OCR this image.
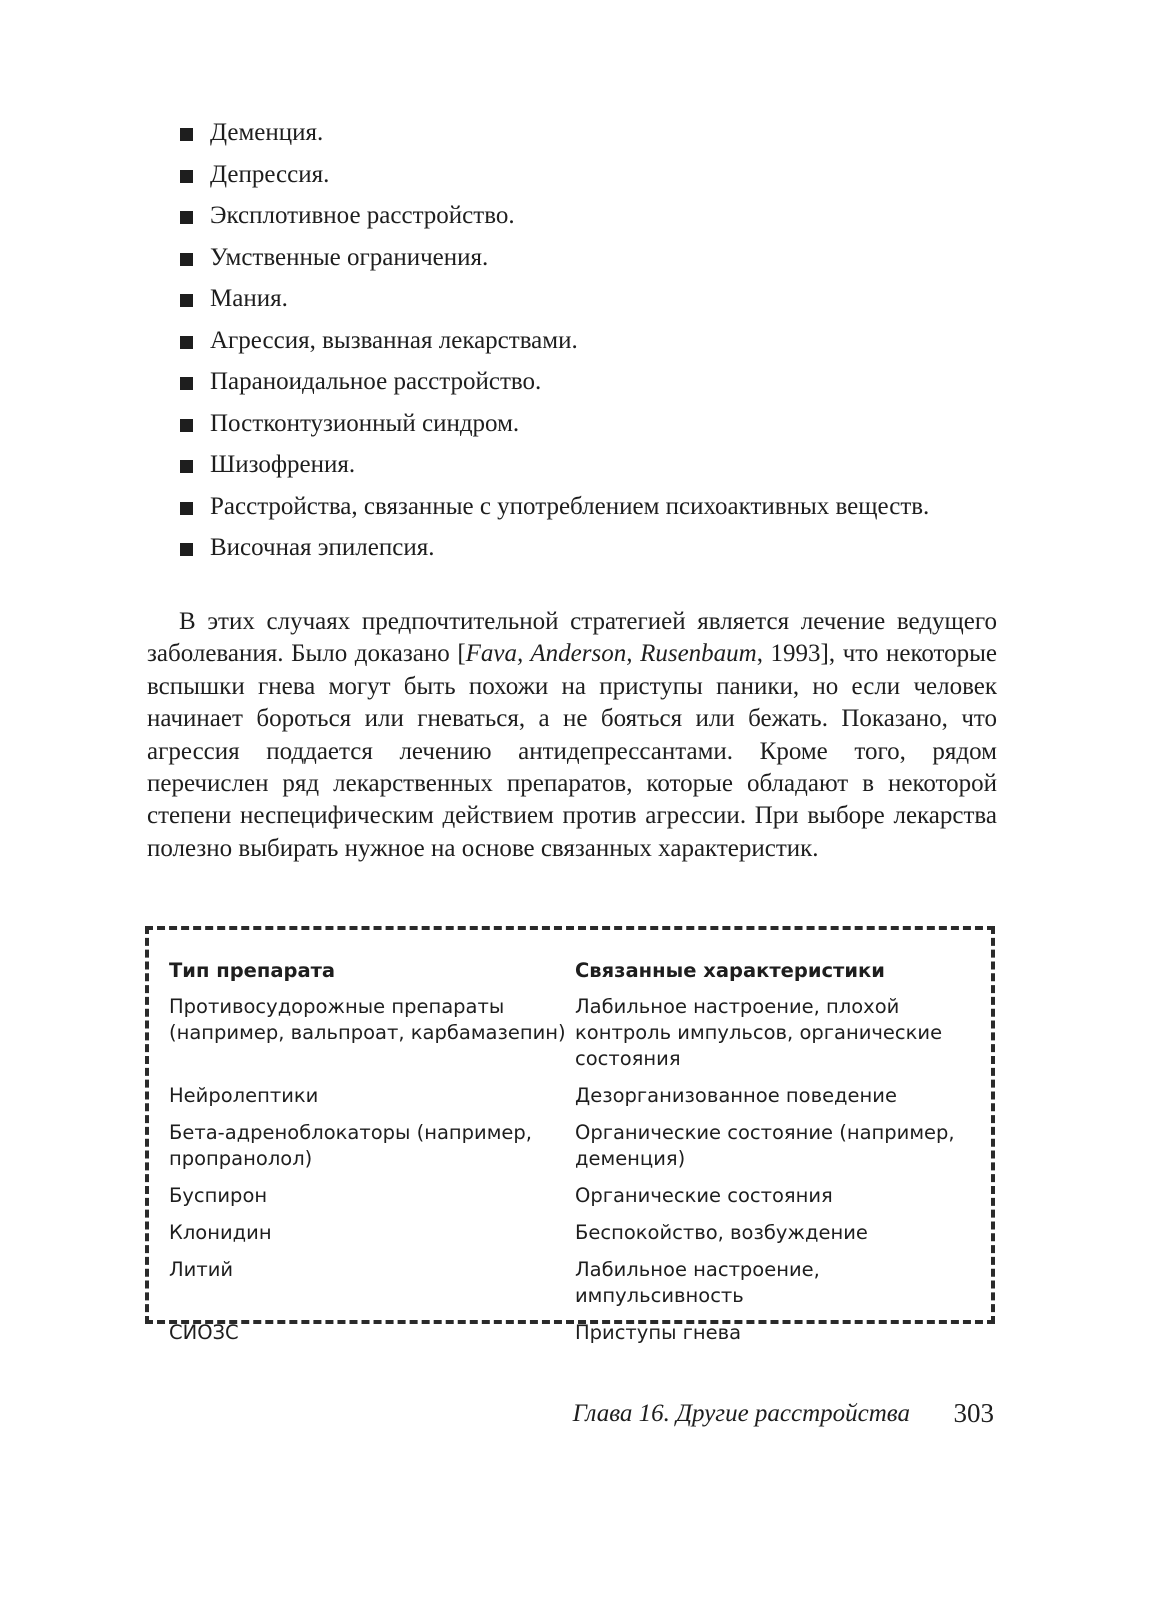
Деменция.
Депрессия.
Эксплотивное расстройство.
Умственные ограничения.
Мания.
Агрессия, вызванная лекарствами.
Параноидальное расстройство.
Постконтузионный синдром.
Шизофрения.
Расстройства, связанные с употреблением психоактивных веществ.
Височная эпилепсия.

В этих случаях предпочтительной стратегией является лечение ведущего заболевания. Было доказано [Fava, Anderson, Rusenbaum, 1993], что некоторые вспышки гнева могут быть похожи на приступы паники, но если человек начинает бороться или гневаться, а не бояться или бежать. Показано, что агрессия поддается лечению антидепрессантами. Кроме того, рядом перечислен ряд лекарственных препаратов, которые обладают в некоторой степени неспецифическим действием против агрессии. При выборе лекарства полезно выбирать нужное на основе связанных характеристик.

Тип препарата	Связанные характеристики
Противосудорожные препараты (например, вальпроат, карбамазепин)	Лабильное настроение, плохой контроль импульсов, органические состояния
Нейролептики	Дезорганизованное поведение
Бета-адреноблокаторы (например, пропранолол)	Органические состояние (например, деменция)
Буспирон	Органические состояния
Клонидин	Беспокойство, возбуждение
Литий	Лабильное настроение, импульсивность
СИОЗС	Приступы гнева
Глава 16. Другие расстройства 303
